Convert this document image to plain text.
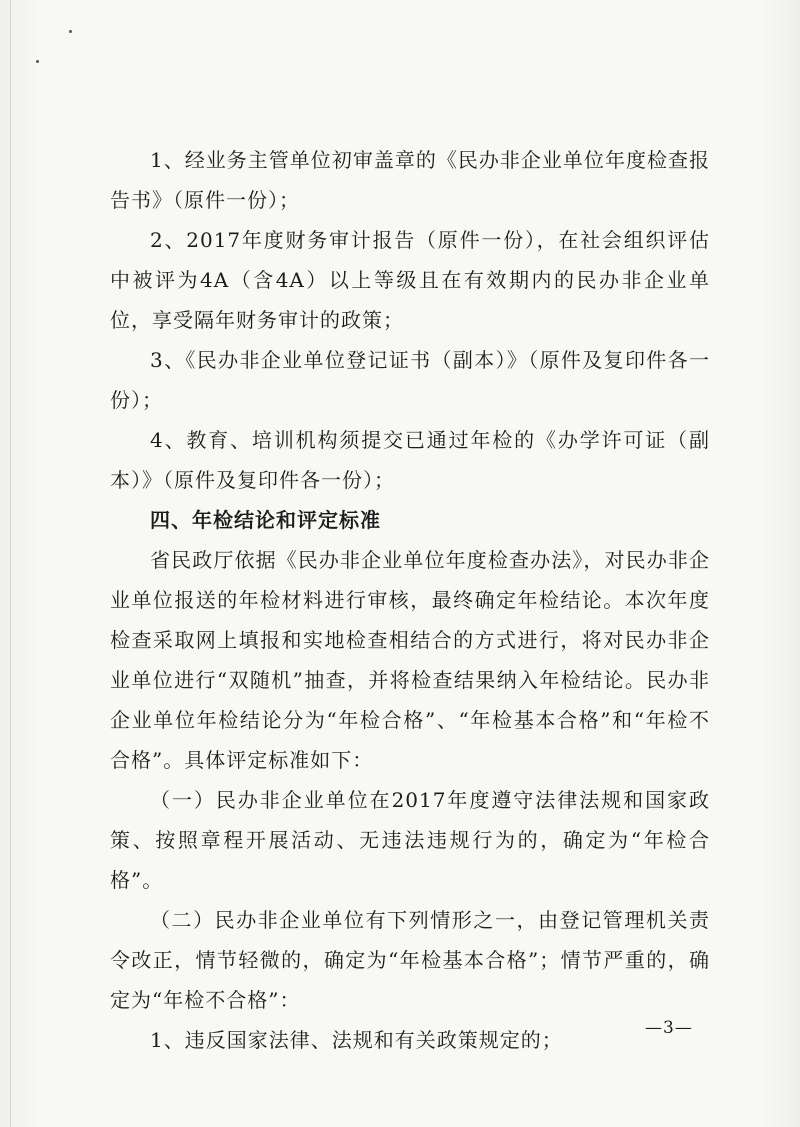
1、经业务主管单位初审盖章的《民办非企业单位年度检查报告书》（原件一份）；

2、2017年度财务审计报告（原件一份），在社会组织评估中被评为4A（含4A）以上等级且在有效期内的民办非企业单位，享受隔年财务审计的政策；

3、《民办非企业单位登记证书（副本）》（原件及复印件各一份）；

4、教育、培训机构须提交已通过年检的《办学许可证（副本）》（原件及复印件各一份）；

四、年检结论和评定标准

省民政厅依据《民办非企业单位年度检查办法》，对民办非企业单位报送的年检材料进行审核，最终确定年检结论。本次年度检查采取网上填报和实地检查相结合的方式进行，将对民办非企业单位进行“双随机”抽查，并将检查结果纳入年检结论。民办非企业单位年检结论分为“年检合格”、“年检基本合格”和“年检不合格”。具体评定标准如下：

（一）民办非企业单位在2017年度遵守法律法规和国家政策、按照章程开展活动、无违法违规行为的，确定为“年检合格”。

（二）民办非企业单位有下列情形之一，由登记管理机关责令改正，情节轻微的，确定为“年检基本合格”；情节严重的，确定为“年检不合格”：

1、违反国家法律、法规和有关政策规定的；	—3—
